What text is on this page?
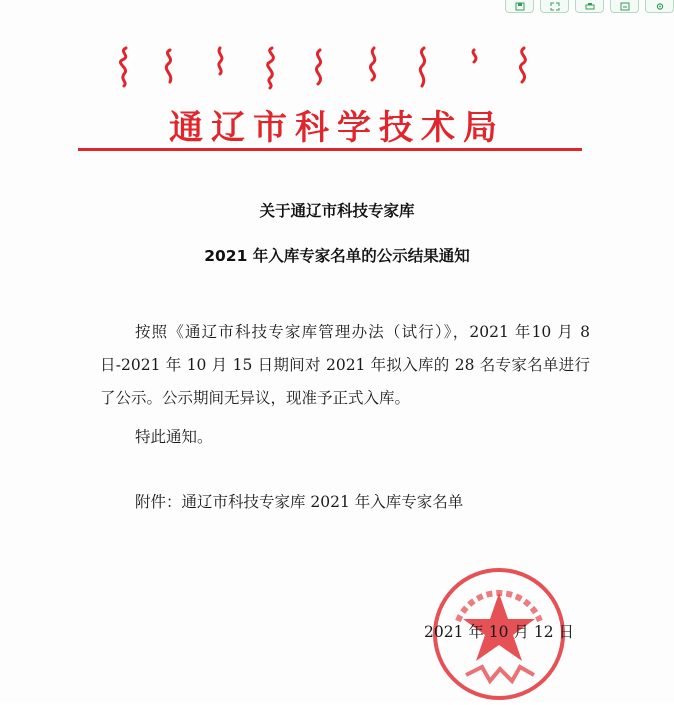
通辽市科学技术局
关于通辽市科技专家库
2021 年入库专家名单的公示结果通知
按照《通辽市科技专家库管理办法（试行）》，2021 年10 月 8 日-2021 年 10 月 15 日期间对 2021 年拟入库的 28 名专家名单进行了公示。公示期间无异议，现准予正式入库。
特此通知。
附件：通辽市科技专家库 2021 年入库专家名单
2021 年 10 月 12 日
